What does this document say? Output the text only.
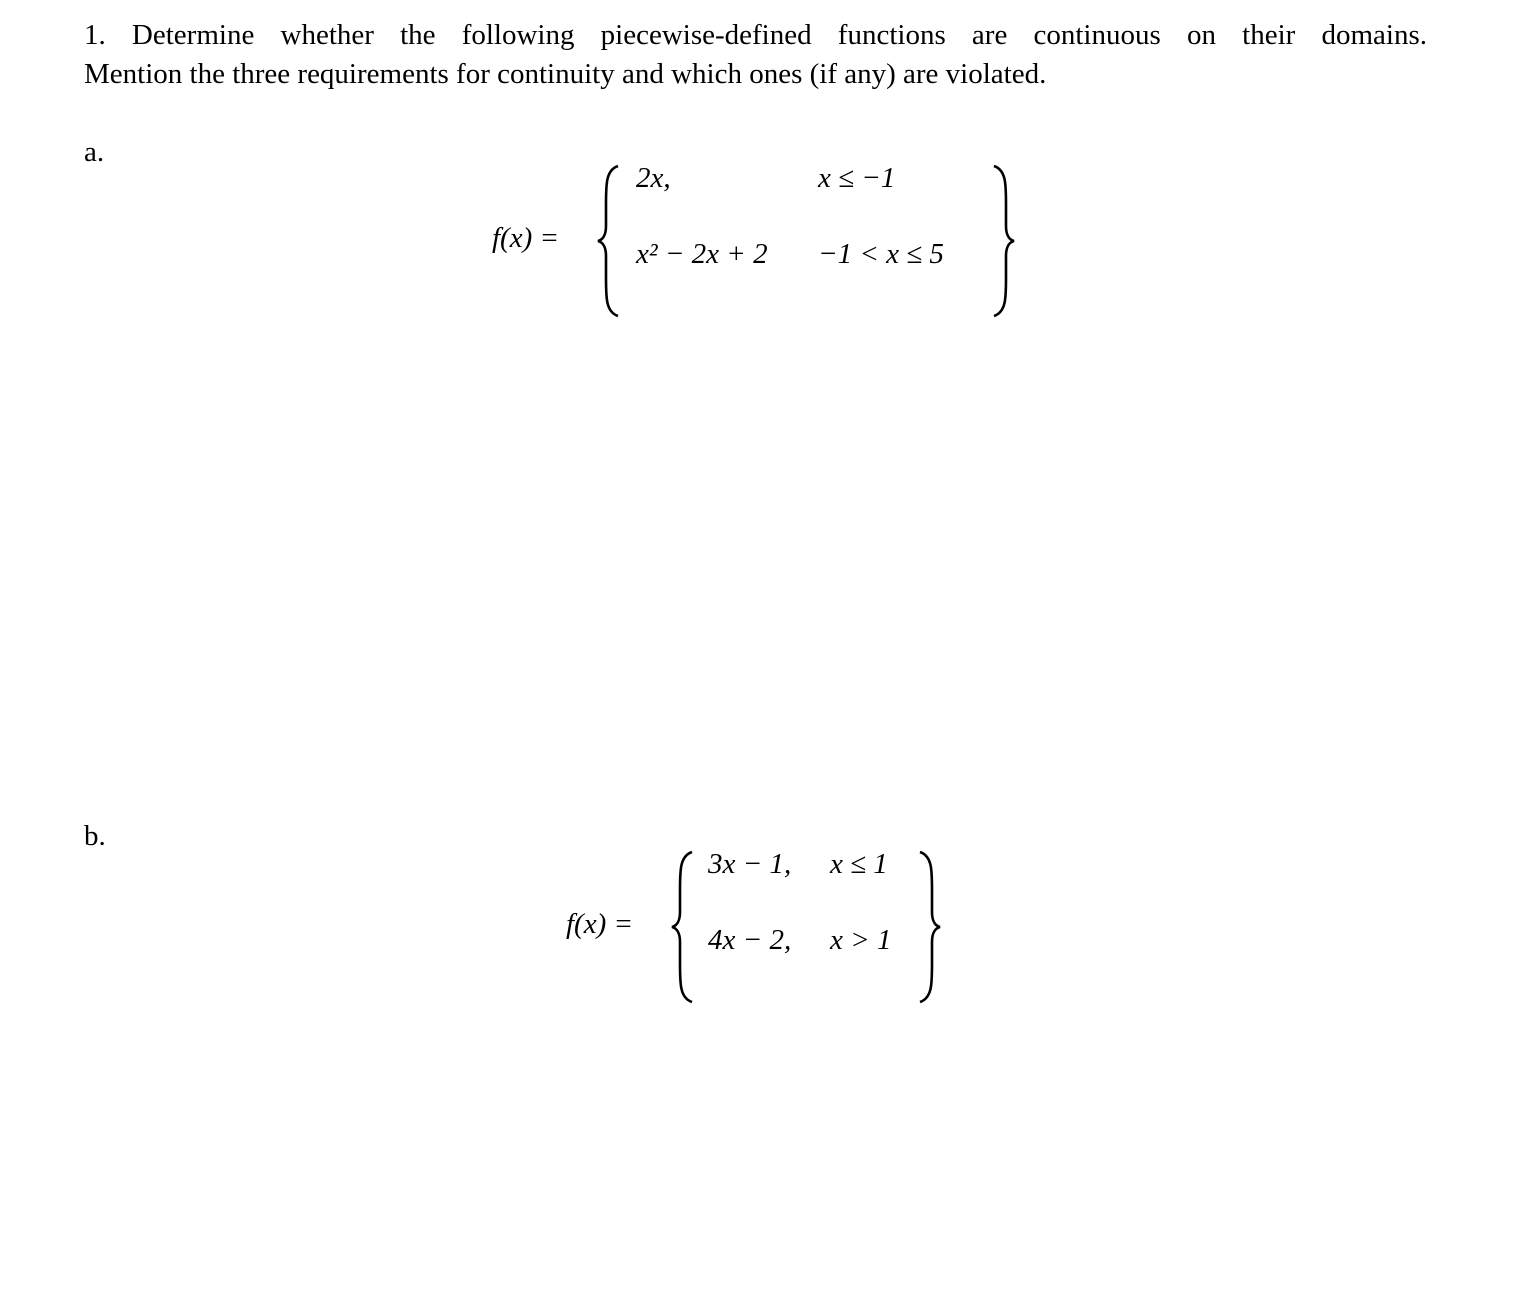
1. Determine whether the following piecewise-defined functions are continuous on their domains.
Mention the three requirements for continuity and which ones (if any) are violated.
a.
f(x) =
2x,	x ≤ −1
x² − 2x + 2 −1 < x ≤ 5
b.
f(x) =
3x − 1, x ≤ 1
4x − 2, x > 1
